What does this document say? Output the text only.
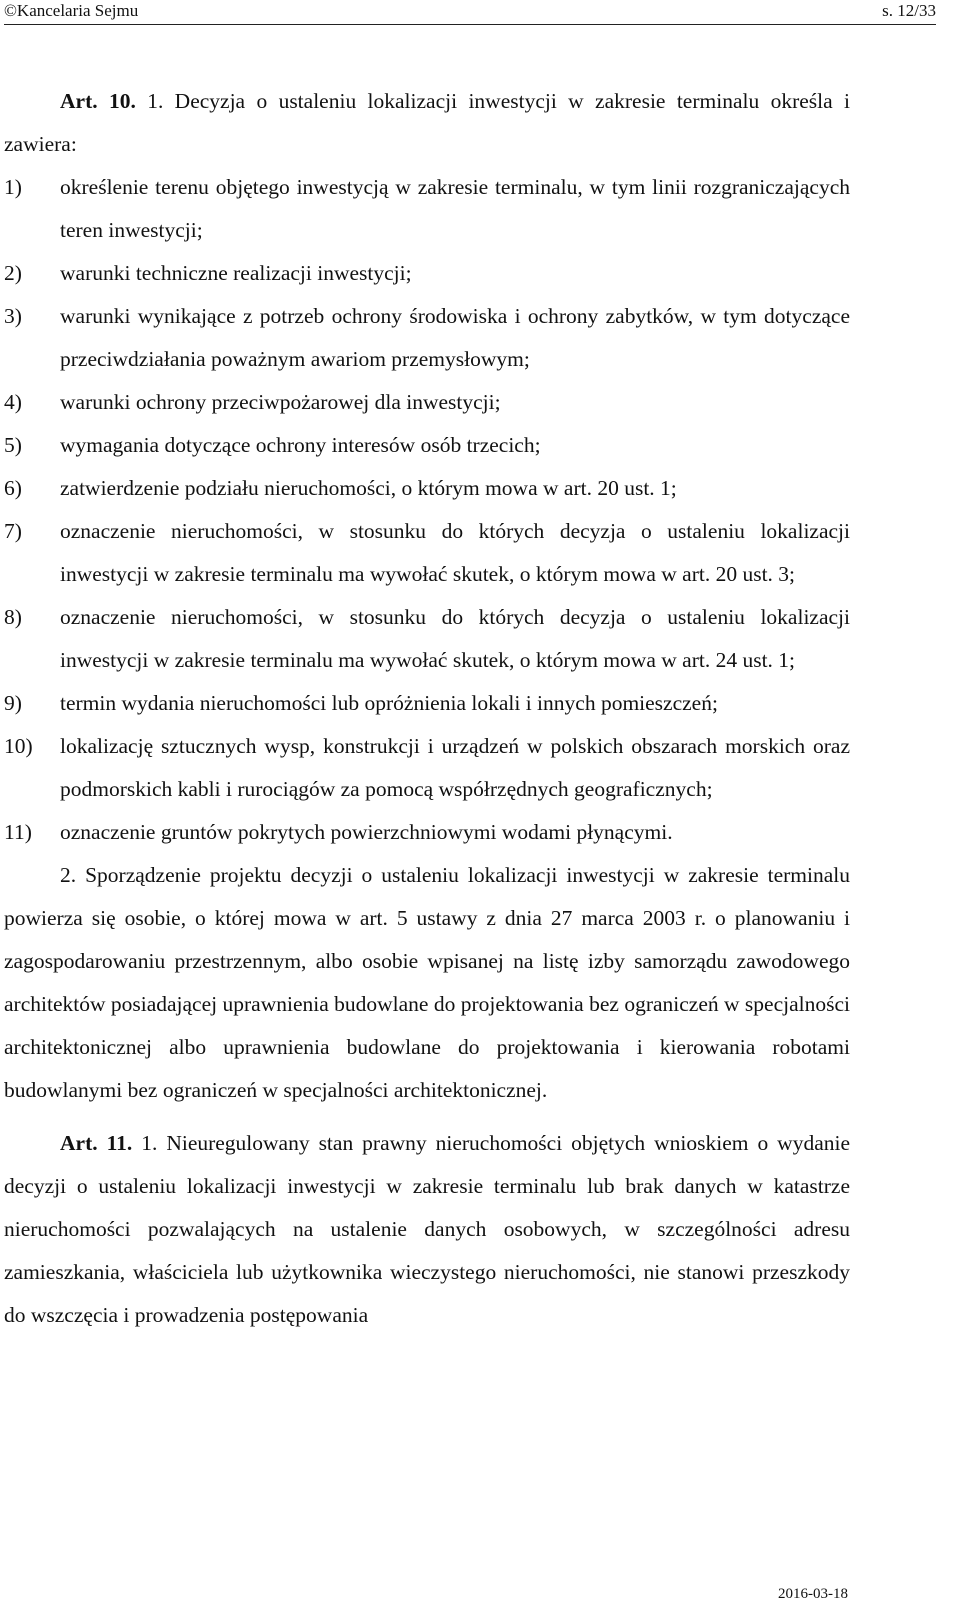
©Kancelaria Sejmu	s. 12/33

Art. 10. 1. Decyzja o ustaleniu lokalizacji inwestycji w zakresie terminalu określa i zawiera:

1) określenie terenu objętego inwestycją w zakresie terminalu, w tym linii rozgraniczających teren inwestycji;
2) warunki techniczne realizacji inwestycji;
3) warunki wynikające z potrzeb ochrony środowiska i ochrony zabytków, w tym dotyczące przeciwdziałania poważnym awariom przemysłowym;
4) warunki ochrony przeciwpożarowej dla inwestycji;
5) wymagania dotyczące ochrony interesów osób trzecich;
6) zatwierdzenie podziału nieruchomości, o którym mowa w art. 20 ust. 1;
7) oznaczenie nieruchomości, w stosunku do których decyzja o ustaleniu lokalizacji inwestycji w zakresie terminalu ma wywołać skutek, o którym mowa w art. 20 ust. 3;
8) oznaczenie nieruchomości, w stosunku do których decyzja o ustaleniu lokalizacji inwestycji w zakresie terminalu ma wywołać skutek, o którym mowa w art. 24 ust. 1;
9) termin wydania nieruchomości lub opróżnienia lokali i innych pomieszczeń;
10) lokalizację sztucznych wysp, konstrukcji i urządzeń w polskich obszarach morskich oraz podmorskich kabli i rurociągów za pomocą współrzędnych geograficznych;
11) oznaczenie gruntów pokrytych powierzchniowymi wodami płynącymi.

2. Sporządzenie projektu decyzji o ustaleniu lokalizacji inwestycji w zakresie terminalu powierza się osobie, o której mowa w art. 5 ustawy z dnia 27 marca 2003 r. o planowaniu i zagospodarowaniu przestrzennym, albo osobie wpisanej na listę izby samorządu zawodowego architektów posiadającej uprawnienia budowlane do projektowania bez ograniczeń w specjalności architektonicznej albo uprawnienia budowlane do projektowania i kierowania robotami budowlanymi bez ograniczeń w specjalności architektonicznej.

Art. 11. 1. Nieuregulowany stan prawny nieruchomości objętych wnioskiem o wydanie decyzji o ustaleniu lokalizacji inwestycji w zakresie terminalu lub brak danych w katastrze nieruchomości pozwalających na ustalenie danych osobowych, w szczególności adresu zamieszkania, właściciela lub użytkownika wieczystego nieruchomości, nie stanowi przeszkody do wszczęcia i prowadzenia postępowania

2016-03-18
